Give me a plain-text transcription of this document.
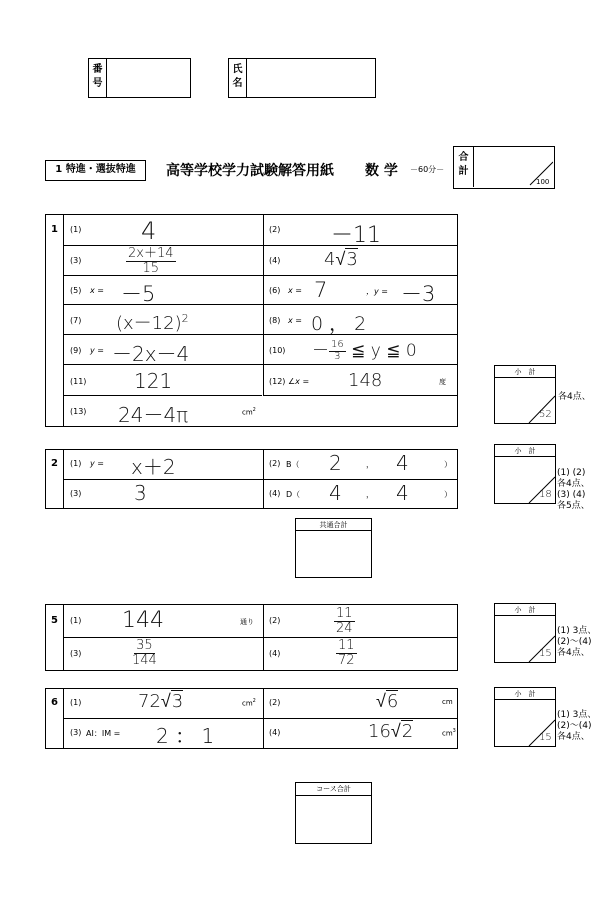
番
号
氏
名
1 特進・選抜特進	高等学校学力試験解答用紙 数 学 －60分－
合
計
100
1	(1) 4	(2) －11
(3)	$\frac{2x+14}{15}$	(4) 4√3
(5) x = －5	(6) x = 7	，y = －3
(7) $(x-12)^2$	(8) x = 0 ， 2
(9) y = －2x－4	$(10) - \frac{16}{3}$ ≦ y ≦ 0
(11) 121	(12) ∠x = 148	度
(13) 24－4π	$cm^2$
小　計
52
各4点、
2	(1) y = x＋2	(2) B（ 2	， 4	）
(3)	3	(4) D（ 4	， 4	）
小　計
18
(1) (2)
各4点、
(3) (4)
各5点、
共通合計
5	(1) 144	通り (2)	$\frac{11}{24}$
(3)	$\frac{35}{144}$	(4)	$\frac{11}{72}$
小　計
15
(1) 3点、
(2)～(4)
各4点、
6	(1)	72√3	$cm^2$ (2)	√6	cm
(3) AI：IM = 2 ： 1	(4)	16√2	$cm^3$
小　計
15
(1) 3点、
(2)～(4)
各4点、
コース合計
